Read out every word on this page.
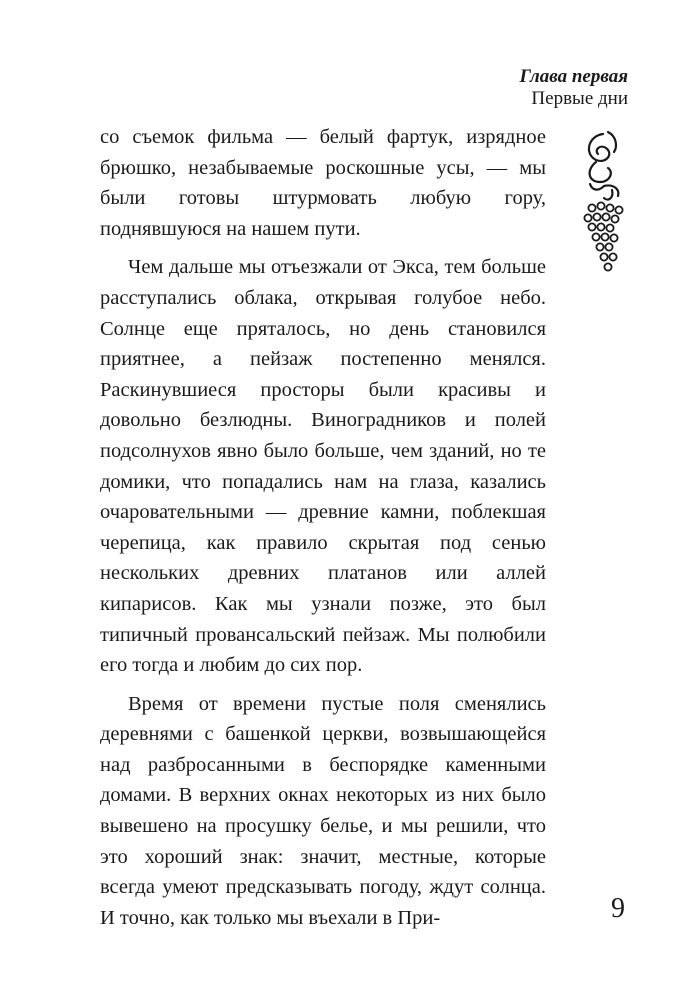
Глава первая
Первые дни

со съемок фильма — белый фартук, изрядное
брюшко, незабываемые роскошные усы, — мы
были готовы штурмовать любую гору, поднявшуюся на нашем пути.

Чем дальше мы отъезжали от Экса, тем больше расступались облака, открывая голубое небо. Солнце еще пряталось, но день становился приятнее, а пейзаж постепенно менялся. Раскинувшиеся просторы были красивы и довольно безлюдны. Виноградников и полей подсолнухов явно было больше, чем зданий, но те домики, что попадались нам на глаза, казались очаровательными — древние камни, поблекшая черепица, как правило скрытая под сенью нескольких древних платанов или аллей кипарисов. Как мы узнали позже, это был типичный провансальский пейзаж. Мы полюбили его тогда и любим до сих пор.

Время от времени пустые поля сменялись деревнями с башенкой церкви, возвышающейся над разбросанными в беспорядке каменными домами. В верхних окнах некоторых из них было вывешено на просушку белье, и мы решили, что это хороший знак: значит, местные, которые всегда умеют предсказывать погоду, ждут солнца. И точно, как только мы въехали в При-	9
